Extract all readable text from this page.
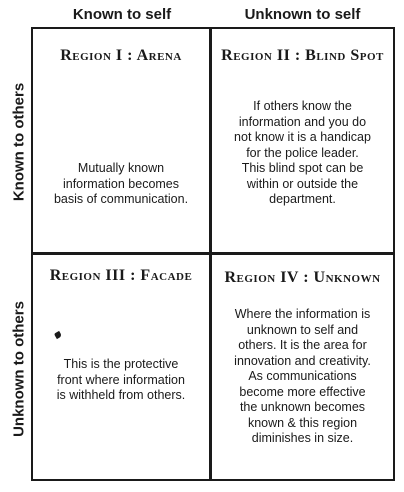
Known to self	Unknown to self
Known to others
Unknown to others
Region I : Arena
Mutually known
information becomes
basis of communication.
Region II : Blind Spot
If others know the
information and you do
not know it is a handicap
for the police leader.
This blind spot can be
within or outside the
department.
Region III : Facade
This is the protective
front where information
is withheld from others.
Region IV : Unknown
Where the information is
unknown to self and
others. It is the area for
innovation and creativity.
As communications
become more effective
the unknown becomes
known & this region
diminishes in size.
